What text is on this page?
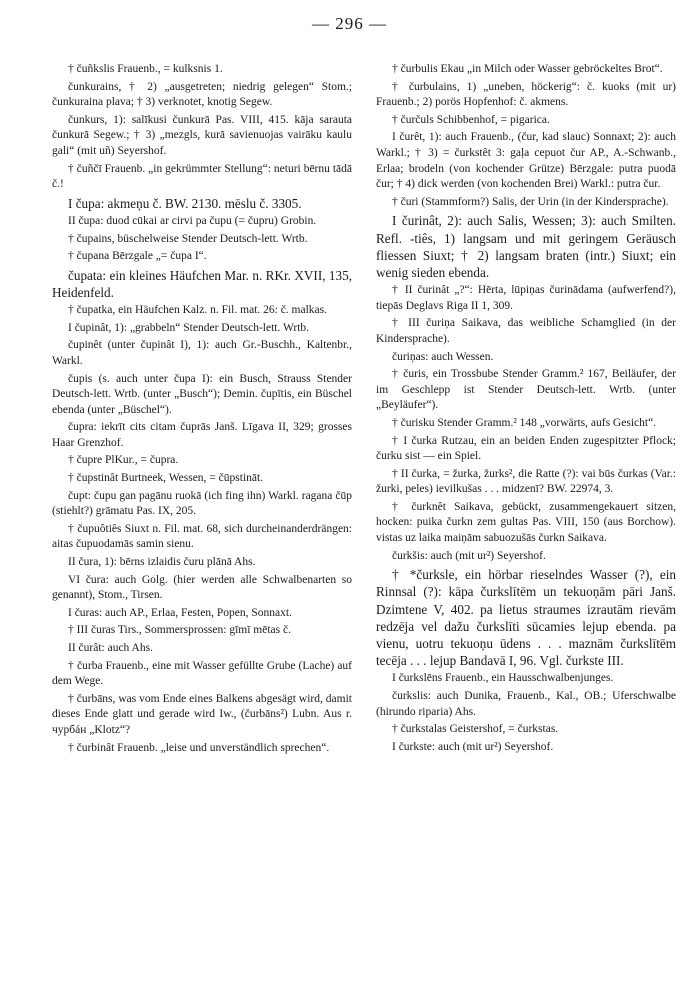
— 296 —

† čuñkslis Frauenb., = kulksnis 1.

čunkurains, † 2) „ausgetreten; niedrig gelegen“ Stom.; čunkuraina plava; † 3) verknotet, knotig Segew.

čunkurs, 1): salīkusi čunkurā Pas. VIII, 415. kāja sarauta čunkurā Segew.; † 3) „mezgls, kurā savienuojas vairāku kaulu gali“ (mit uñ) Seyershof.

† čuñčī Frauenb. „in gekrümmter Stellung“: neturi bērnu tādā č.!

I čupa: akmeņu č. BW. 2130. mēslu č. 3305.

II čupa: duod cūkai ar cirvi pa čupu (= čupru) Grobin.

† čupains, büschelweise Stender Deutsch-lett. Wrtb.

† čupana Bērzgale „= čupa I“.

čupata: ein kleines Häufchen Mar. n. RKr. XVII, 135, Heidenfeld.

† čupatka, ein Häufchen Kalz. n. Fil. mat. 26: č. malkas.

I čupinât, 1): „grabbeln“ Stender Deutsch-lett. Wrtb.

čupinêt (unter čupinât I), 1): auch Gr.-Buschh., Kaltenbr., Warkl.

čupis (s. auch unter čupa I): ein Busch, Strauss Stender Deutsch-lett. Wrtb. (unter „Busch“); Demin. čupītis, ein Büschel ebenda (unter „Büschel“).

čupra: iekrīt cits citam čuprās Janš. Līgava II, 329; grosses Haar Grenzhof.

† čupre PlKur., = čupra.

† čupstinât Burtneek, Wessen, = čūpstināt.

čupt: čupu gan pagānu ruokā (ich fing ihn) Warkl. ragana čūp (stiehlt?) grāmatu Pas. IX, 205.

† čupuôtiês Siuxt n. Fil. mat. 68, sich durcheinanderdrängen: aitas čupuodamās samin sienu.

II čura, 1): bērns izlaidis čuru plānā Ahs.

VI čura: auch Golg. (hier werden alle Schwalbenarten so genannt), Stom., Tirsen.

I čuras: auch AP., Erlaa, Festen, Popen, Sonnaxt.

† III čuras Tirs., Sommersprossen: gīmī mētas č.

II čurât: auch Ahs.

† čurba Frauenb., eine mit Wasser gefüllte Grube (Lache) auf dem Wege.

† čurbāns, was vom Ende eines Balkens abgesägt wird, damit dieses Ende glatt und gerade wird Iw., (čurbāns²) Lubn. Aus r. чурбáн „Klotz“?

† čurbinât Frauenb. „leise und unverständlich sprechen“.

† čurbulis Ekau „in Milch oder Wasser gebröckeltes Brot“.

† čurbulains, 1) „uneben, höckerig“: č. kuoks (mit ur) Frauenb.; 2) porös Hopfenhof: č. akmens.

† čurčuls Schibbenhof, = pigarica.

I čurêt, 1): auch Frauenb., (čur, kad slauc) Sonnaxt; 2): auch Warkl.; † 3) = čurkstêt 3: gaļa cepuot čur AP., A.-Schwanb., Erlaa; brodeln (von kochender Grütze) Bērzgale: putra puodā čur; † 4) dick werden (von kochenden Brei) Warkl.: putra čur.

† čuri (Stammform?) Salis, der Urin (in der Kindersprache).

I čurinât, 2): auch Salis, Wessen; 3): auch Smilten. Refl. -tiês, 1) langsam und mit geringem Geräusch fliessen Siuxt; † 2) langsam braten (intr.) Siuxt; ein wenig sieden ebenda.

† II čurinât „?“: Hērta, lūpiņas čurinādama (aufwerfend?), tiepās Deglavs Riga II 1, 309.

† III čuriņa Saikava, das weibliche Schamglied (in der Kindersprache).

čuriņas: auch Wessen.

† čuris, ein Trossbube Stender Gramm.² 167, Beiläufer, der im Geschlepp ist Stender Deutsch-lett. Wrtb. (unter „Beyläufer“).

† čurisku Stender Gramm.² 148 „vorwärts, aufs Gesicht“.

† I čurka Rutzau, ein an beiden Enden zugespitzter Pflock; čurku sist — ein Spiel.

† II čurka, = žurka, žurks², die Ratte (?): vai būs čurkas (Var.: žurki, peles) ievilkušas . . . midzenī? BW. 22974, 3.

† čurknêt Saikava, gebückt, zusammengekauert sitzen, hocken: puika čurkn zem gultas Pas. VIII, 150 (aus Borchow). vistas uz laika maiņām sabuozušās čurkn Saikava.

čurkšis: auch (mit ur²) Seyershof.

† *čurksle, ein hörbar rieselndes Wasser (?), ein Rinnsal (?): kāpa čurkslītēm un tekuoņām pāri Janš. Dzimtene V, 402. pa lietus straumes izrautām rievām redzēja vel dažu čurkslīti sūcamies lejup ebenda. pa vienu, uotru tekuoņu ūdens . . . maznām čurkslītēm tecēja . . . lejup Bandavā I, 96. Vgl. čurkste III.

I čurkslēns Frauenb., ein Hausschwalbenjunges.

čurkslis: auch Dunika, Frauenb., Kal., OB.; Uferschwalbe (hirundo riparia) Ahs.

† čurkstalas Geistershof, = čurkstas.

I čurkste: auch (mit ur²) Seyershof.
